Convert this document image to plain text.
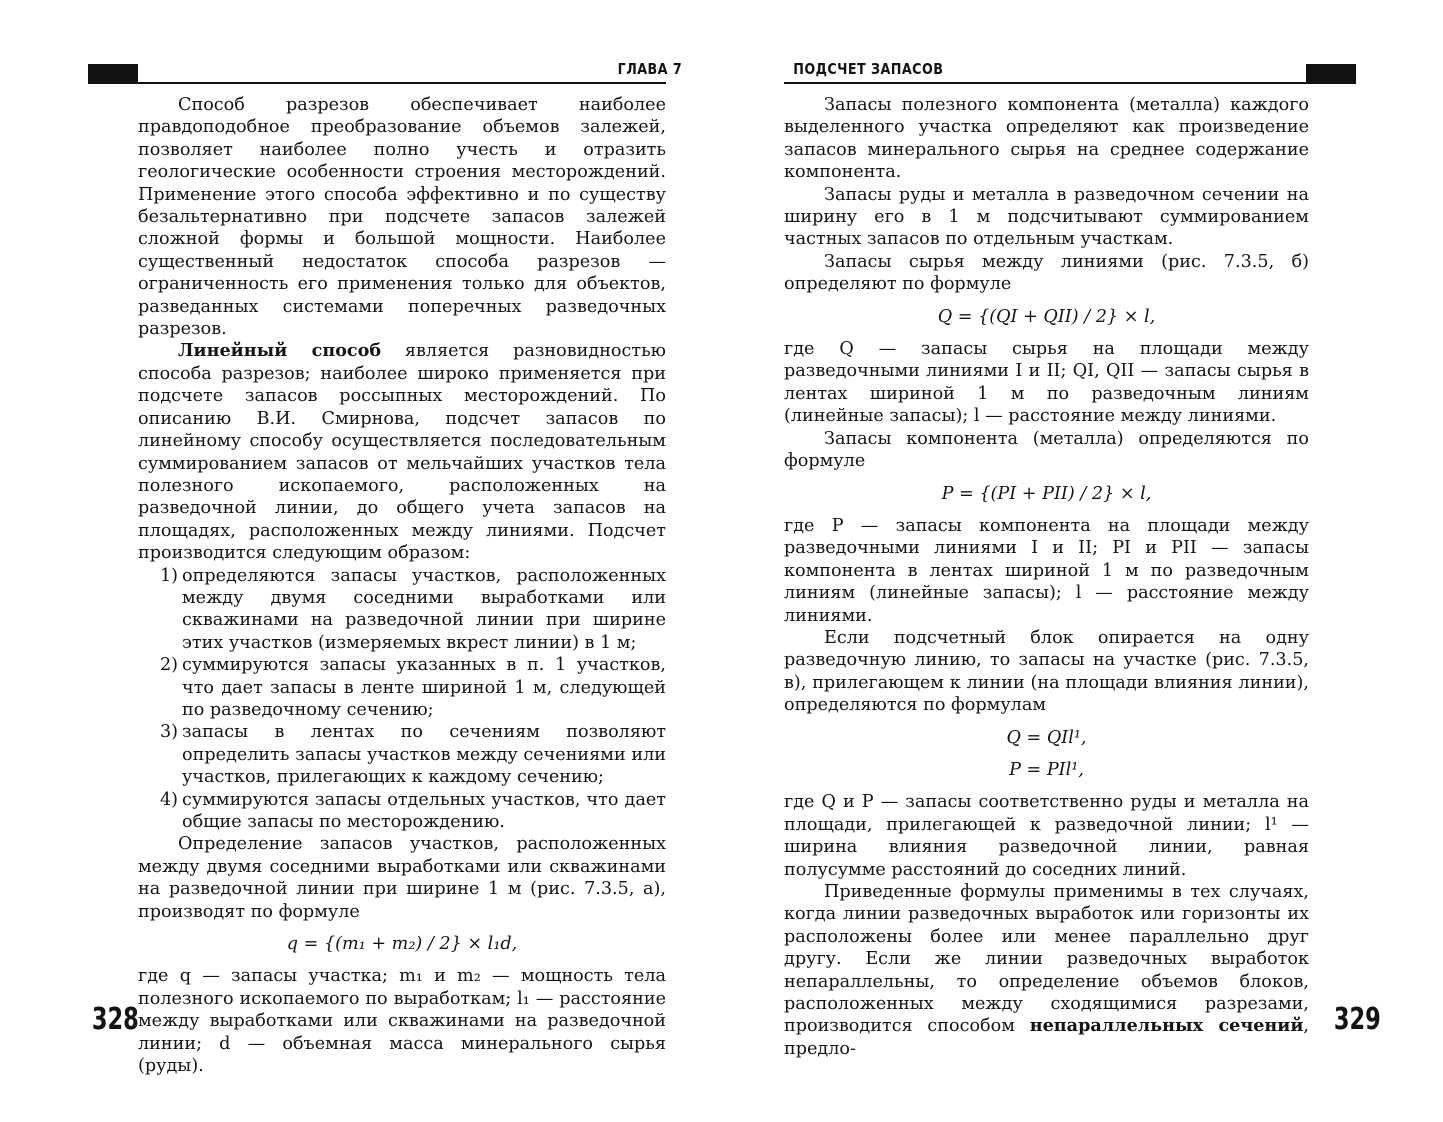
ГЛАВА 7

Способ разрезов обеспечивает наиболее правдоподобное преобразование объемов залежей, позволяет наиболее полно учесть и отразить геологические особенности строения месторождений. Применение этого способа эффективно и по существу безальтернативно при подсчете запасов залежей сложной формы и большой мощности. Наиболее существенный недостаток способа разрезов — ограниченность его применения только для объектов, разведанных системами поперечных разведочных разрезов.

Линейный способ является разновидностью способа разрезов; наиболее широко применяется при подсчете запасов россыпных месторождений. По описанию В.И. Смирнова, подсчет запасов по линейному способу осуществляется последовательным суммированием запасов от мельчайших участков тела полезного ископаемого, расположенных на разведочной линии, до общего учета запасов на площадях, расположенных между линиями. Подсчет производится следующим образом:

1) определяются запасы участков, расположенных между двумя соседними выработками или скважинами на разведочной линии при ширине этих участков (измеряемых вкрест линии) в 1 м;
2) суммируются запасы указанных в п. 1 участков, что дает запасы в ленте шириной 1 м, следующей по разведочному сечению;
3) запасы в лентах по сечениям позволяют определить запасы участков между сечениями или участков, прилегающих к каждому сечению;
4) суммируются запасы отдельных участков, что дает общие запасы по месторождению.

Определение запасов участков, расположенных между двумя соседними выработками или скважинами на разведочной линии при ширине 1 м (рис. 7.3.5, а), производят по формуле

q = {(m₁ + m₂) / 2} × l₁d,

где q — запасы участка; m₁ и m₂ — мощность тела полезного ископаемого по выработкам; l₁ — расстояние между выработками или скважинами на разведочной линии; d — объемная масса минерального сырья (руды).

328
ПОДСЧЕТ ЗАПАСОВ

Запасы полезного компонента (металла) каждого выделенного участка определяют как произведение запасов минерального сырья на среднее содержание компонента.

Запасы руды и металла в разведочном сечении на ширину его в 1 м подсчитывают суммированием частных запасов по отдельным участкам.

Запасы сырья между линиями (рис. 7.3.5, б) определяют по формуле

Q = {(QI + QII) / 2} × l,

где Q — запасы сырья на площади между разведочными линиями I и II; QI, QII — запасы сырья в лентах шириной 1 м по разведочным линиям (линейные запасы); l — расстояние между линиями.

Запасы компонента (металла) определяются по формуле

P = {(PI + PII) / 2} × l,

где P — запасы компонента на площади между разведочными линиями I и II; PI и PII — запасы компонента в лентах шириной 1 м по разведочным линиям (линейные запасы); l — расстояние между линиями.

Если подсчетный блок опирается на одну разведочную линию, то запасы на участке (рис. 7.3.5, в), прилегающем к линии (на площади влияния линии), определяются по формулам

Q = QIl¹,
P = PIl¹,

где Q и P — запасы соответственно руды и металла на площади, прилегающей к разведочной линии; l¹ — ширина влияния разведочной линии, равная полусумме расстояний до соседних линий.

Приведенные формулы применимы в тех случаях, когда линии разведочных выработок или горизонты их расположены более или менее параллельно друг другу. Если же линии разведочных выработок непараллельны, то определение объемов блоков, расположенных между сходящимися разрезами, производится способом непараллельных сечений, предло-

329
